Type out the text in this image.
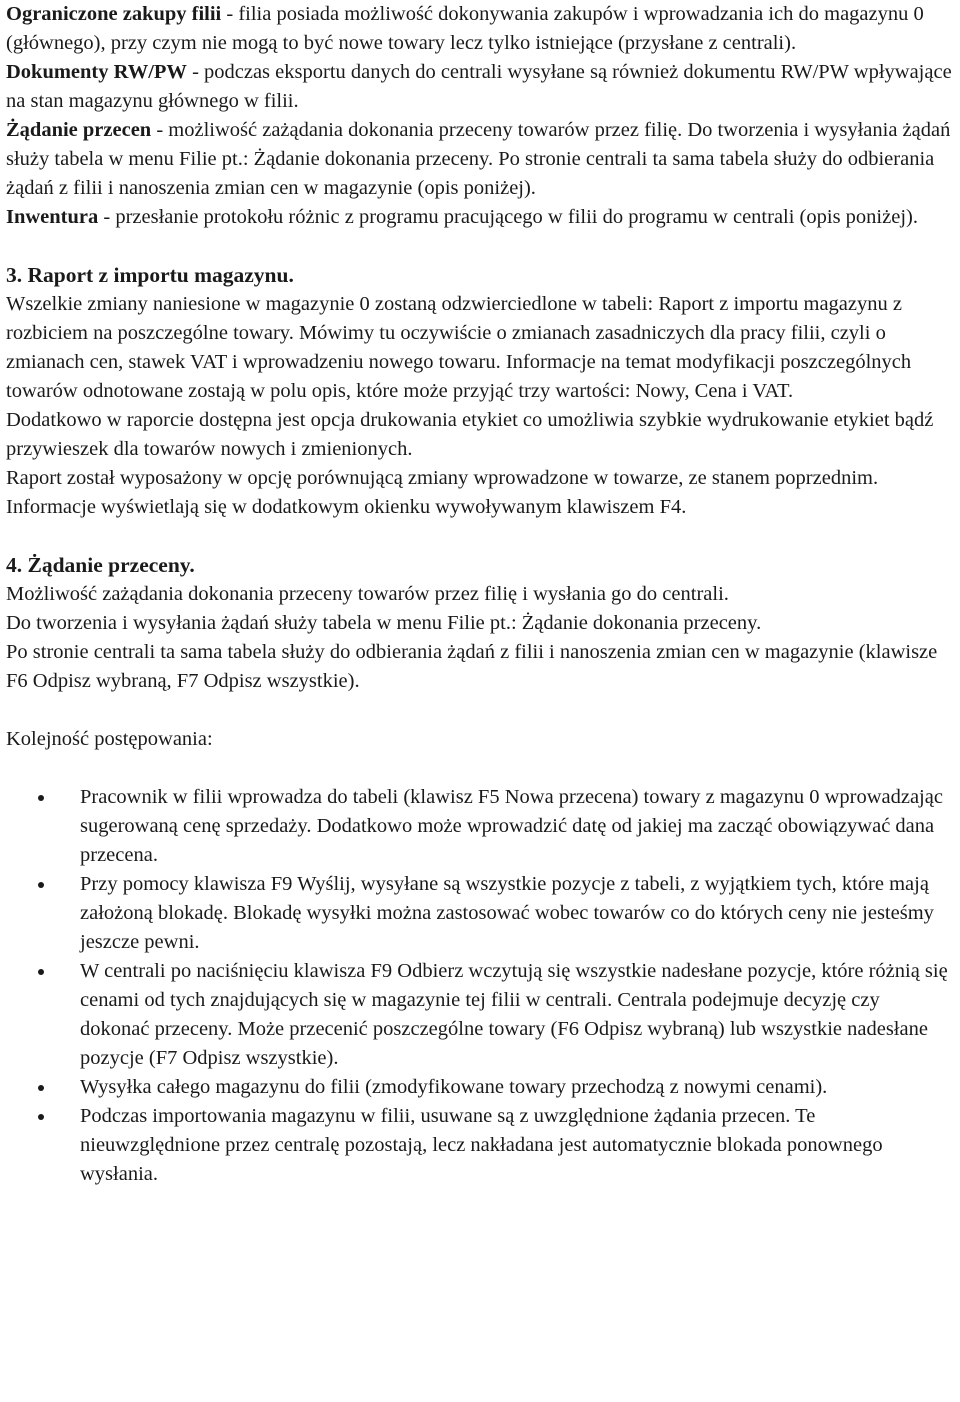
Ograniczone zakupy filii - filia posiada możliwość dokonywania zakupów i wprowadzania ich do magazynu 0 (głównego), przy czym nie mogą to być nowe towary lecz tylko istniejące (przysłane z centrali).

Dokumenty RW/PW - podczas eksportu danych do centrali wysyłane są również dokumentu RW/PW wpływające na stan magazynu głównego w filii.

Żądanie przecen - możliwość zażądania dokonania przeceny towarów przez filię. Do tworzenia i wysyłania żądań służy tabela w menu Filie pt.: Żądanie dokonania przeceny. Po stronie centrali ta sama tabela służy do odbierania żądań z filii i nanoszenia zmian cen w magazynie (opis poniżej).

Inwentura - przesłanie protokołu różnic z programu pracującego w filii do programu w centrali (opis poniżej).

3. Raport z importu magazynu.

Wszelkie zmiany naniesione w magazynie 0 zostaną odzwierciedlone w tabeli: Raport z importu magazynu z rozbiciem na poszczególne towary. Mówimy tu oczywiście o zmianach zasadniczych dla pracy filii, czyli o zmianach cen, stawek VAT i wprowadzeniu nowego towaru. Informacje na temat modyfikacji poszczególnych towarów odnotowane zostają w polu opis, które może przyjąć trzy wartości: Nowy, Cena i VAT.

Dodatkowo w raporcie dostępna jest opcja drukowania etykiet co umożliwia szybkie wydrukowanie etykiet bądź przywieszek dla towarów nowych i zmienionych.

Raport został wyposażony w opcję porównującą zmiany wprowadzone w towarze, ze stanem poprzednim. Informacje wyświetlają się w dodatkowym okienku wywoływanym klawiszem F4.

4. Żądanie przeceny.

Możliwość zażądania dokonania przeceny towarów przez filię i wysłania go do centrali.

Do tworzenia i wysyłania żądań służy tabela w menu Filie pt.: Żądanie dokonania przeceny.

Po stronie centrali ta sama tabela służy do odbierania żądań z filii i nanoszenia zmian cen w magazynie (klawisze F6 Odpisz wybraną, F7 Odpisz wszystkie).

Kolejność postępowania:

Pracownik w filii wprowadza do tabeli (klawisz F5 Nowa przecena) towary z magazynu 0 wprowadzając sugerowaną cenę sprzedaży. Dodatkowo może wprowadzić datę od jakiej ma zacząć obowiązywać dana przecena.
Przy pomocy klawisza F9 Wyślij, wysyłane są wszystkie pozycje z tabeli, z wyjątkiem tych, które mają założoną blokadę. Blokadę wysyłki można zastosować wobec towarów co do których ceny nie jesteśmy jeszcze pewni.
W centrali po naciśnięciu klawisza F9 Odbierz wczytują się wszystkie nadesłane pozycje, które różnią się cenami od tych znajdujących się w magazynie tej filii w centrali. Centrala podejmuje decyzję czy dokonać przeceny. Może przecenić poszczególne towary (F6 Odpisz wybraną) lub wszystkie nadesłane pozycje (F7 Odpisz wszystkie).
Wysyłka całego magazynu do filii (zmodyfikowane towary przechodzą z nowymi cenami).
Podczas importowania magazynu w filii, usuwane są z uwzględnione żądania przecen. Te nieuwzględnione przez centralę pozostają, lecz nakładana jest automatycznie blokada ponownego wysłania.
